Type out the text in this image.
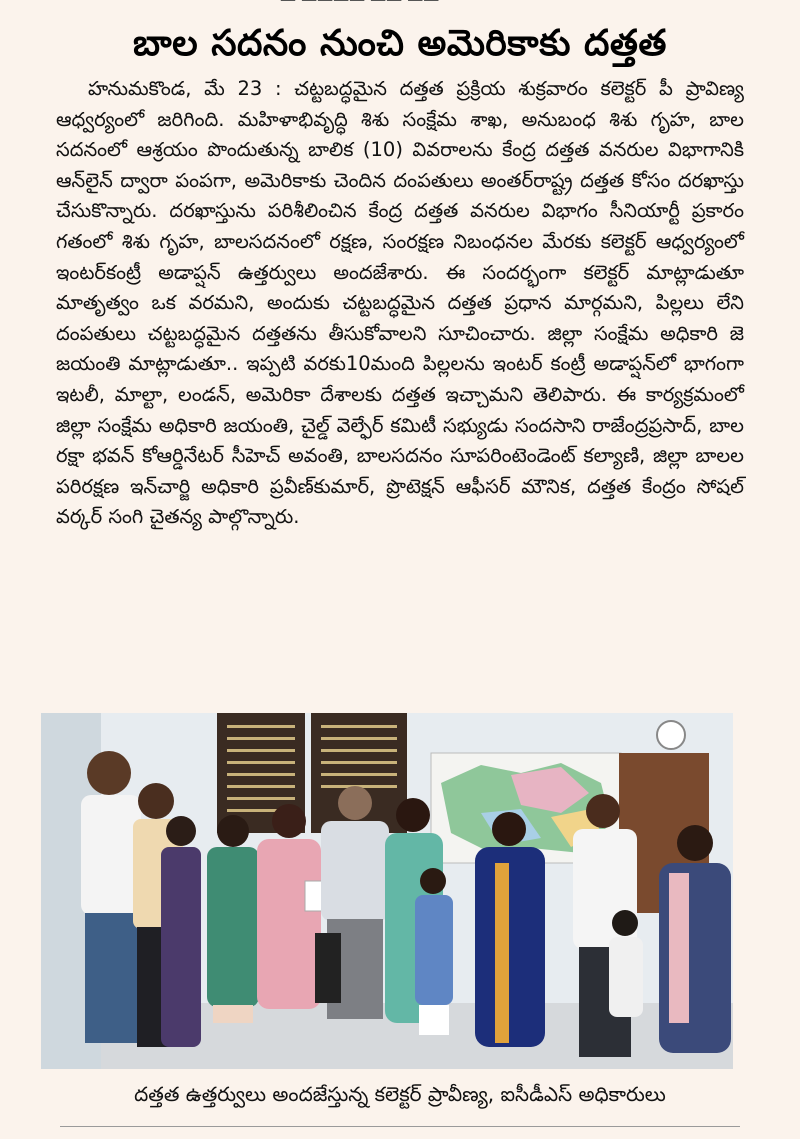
బాల సదనం నుంచి అమెరికాకు దత్తత
హనుమకొండ, మే 23 : చట్టబద్ధమైన దత్తత ప్రక్రియ శుక్రవారం కలెక్టర్ పీ ప్రావిణ్య ఆధ్వర్యంలో జరిగింది. మహిళాభివృద్ధి శిశు సంక్షేమ శాఖ, అనుబంధ శిశు గృహ, బాల సదనంలో ఆశ్రయం పొందుతున్న బాలిక (10) వివరాలను కేంద్ర దత్తత వనరుల విభాగానికి ఆన్‌లైన్ ద్వారా పంపగా, అమెరికాకు చెందిన దంపతులు అంతర్‌రాష్ట్ర దత్తత కోసం దరఖాస్తు చేసుకొన్నారు. దరఖాస్తును పరిశీలించిన కేంద్ర దత్తత వనరుల విభాగం సీనియార్టీ ప్రకారం గతంలో శిశు గృహ, బాలసదనంలో రక్షణ, సంరక్షణ నిబంధనల మేరకు కలెక్టర్ ఆధ్వర్యంలో ఇంటర్‌కంట్రీ అడాప్షన్ ఉత్తర్వులు అందజేశారు. ఈ సందర్భంగా కలెక్టర్ మాట్లాడుతూ మాతృత్వం ఒక వరమని, అందుకు చట్టబద్ధమైన దత్తత ప్రధాన మార్గమని, పిల్లలు లేని దంపతులు చట్టబద్ధమైన దత్తతను తీసుకోవాలని సూచించారు. జిల్లా సంక్షేమ అధికారి జె జయంతి మాట్లాడుతూ.. ఇప్పటి వరకు10మంది పిల్లలను ఇంటర్ కంట్రీ అడాప్షన్‌లో భాగంగా ఇటలీ, మాల్టా, లండన్, అమెరికా దేశాలకు దత్తత ఇచ్చామని తెలిపారు. ఈ కార్యక్రమంలో జిల్లా సంక్షేమ అధికారి జయంతి, చైల్డ్ వెల్ఫేర్ కమిటీ సభ్యుడు సందసాని రాజేంద్రప్రసాద్, బాల రక్షా భవన్ కోఆర్డినేటర్ సీహెచ్ అవంతి, బాలసదనం సూపరింటెండెంట్ కల్యాణి, జిల్లా బాలల పరిరక్షణ ఇన్‌చార్జి అధికారి ప్రవీణ్‌కుమార్, ప్రొటెక్షన్ ఆఫీసర్ మౌనిక, దత్తత కేంద్రం సోషల్ వర్కర్ సంగి చైతన్య పాల్గొన్నారు.
దత్తత ఉత్తర్వులు అందజేస్తున్న కలెక్టర్ ప్రావీణ్య, ఐసీడీఎస్ అధికారులు
